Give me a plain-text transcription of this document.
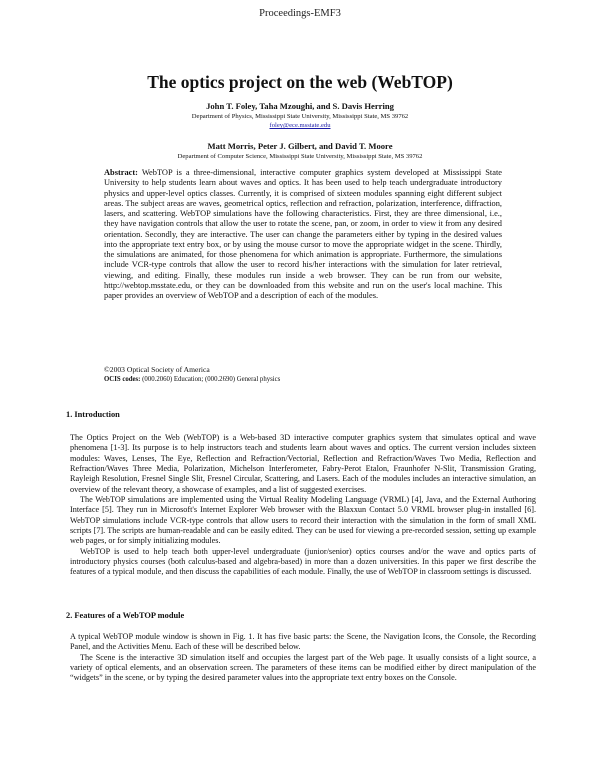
Proceedings-EMF3
The optics project on the web (WebTOP)
John T. Foley, Taha Mzoughi, and S. Davis Herring
Department of Physics, Mississippi State University, Mississippi State, MS 39762
foley@ece.msstate.edu
Matt Morris, Peter J. Gilbert, and David T. Moore
Department of Computer Science, Mississippi State University, Mississippi State, MS 39762
Abstract: WebTOP is a three-dimensional, interactive computer graphics system developed at Mississippi State University to help students learn about waves and optics. It has been used to help teach undergraduate introductory physics and upper-level optics classes. Currently, it is comprised of sixteen modules spanning eight different subject areas. The subject areas are waves, geometrical optics, reflection and refraction, polarization, interference, diffraction, lasers, and scattering. WebTOP simulations have the following characteristics. First, they are three dimensional, i.e., they have navigation controls that allow the user to rotate the scene, pan, or zoom, in order to view it from any desired orientation. Secondly, they are interactive. The user can change the parameters either by typing in the desired values into the appropriate text entry box, or by using the mouse cursor to move the appropriate widget in the scene. Thirdly, the simulations are animated, for those phenomena for which animation is appropriate. Furthermore, the simulations include VCR-type controls that allow the user to record his/her interactions with the simulation for later retrieval, viewing, and editing. Finally, these modules run inside a web browser. They can be run from our website, http://webtop.msstate.edu, or they can be downloaded from this website and run on the user's local machine. This paper provides an overview of WebTOP and a description of each of the modules.
©2003 Optical Society of America
OCIS codes: (000.2060) Education; (000.2690) General physics
1. Introduction

The Optics Project on the Web (WebTOP) is a Web-based 3D interactive computer graphics system that simulates optical and wave phenomena [1-3]. Its purpose is to help instructors teach and students learn about waves and optics. The current version includes sixteen modules: Waves, Lenses, The Eye, Reflection and Refraction/Vectorial, Reflection and Refraction/Waves Two Media, Reflection and Refraction/Waves Three Media, Polarization, Michelson Interferometer, Fabry-Perot Etalon, Fraunhofer N-Slit, Transmission Grating, Rayleigh Resolution, Fresnel Single Slit, Fresnel Circular, Scattering, and Lasers. Each of the modules includes an interactive simulation, an overview of the relevant theory, a showcase of examples, and a list of suggested exercises.

The WebTOP simulations are implemented using the Virtual Reality Modeling Language (VRML) [4], Java, and the External Authoring Interface [5]. They run in Microsoft's Internet Explorer Web browser with the Blaxxun Contact 5.0 VRML browser plug-in installed [6]. WebTOP simulations include VCR-type controls that allow users to record their interaction with the simulation in the form of small XML scripts [7]. The scripts are human-readable and can be easily edited. They can be used for viewing a pre-recorded session, setting up example web pages, or for simply initializing modules.

WebTOP is used to help teach both upper-level undergraduate (junior/senior) optics courses and/or the wave and optics parts of introductory physics courses (both calculus-based and algebra-based) in more than a dozen universities. In this paper we first describe the features of a typical module, and then discuss the capabilities of each module. Finally, the use of WebTOP in classroom settings is discussed.

2. Features of a WebTOP module

A typical WebTOP module window is shown in Fig. 1. It has five basic parts: the Scene, the Navigation Icons, the Console, the Recording Panel, and the Activities Menu. Each of these will be described below.

The Scene is the interactive 3D simulation itself and occupies the largest part of the Web page. It usually consists of a light source, a variety of optical elements, and an observation screen. The parameters of these items can be modified either by direct manipulation of the “widgets” in the scene, or by typing the desired parameter values into the appropriate text entry boxes on the Console.
